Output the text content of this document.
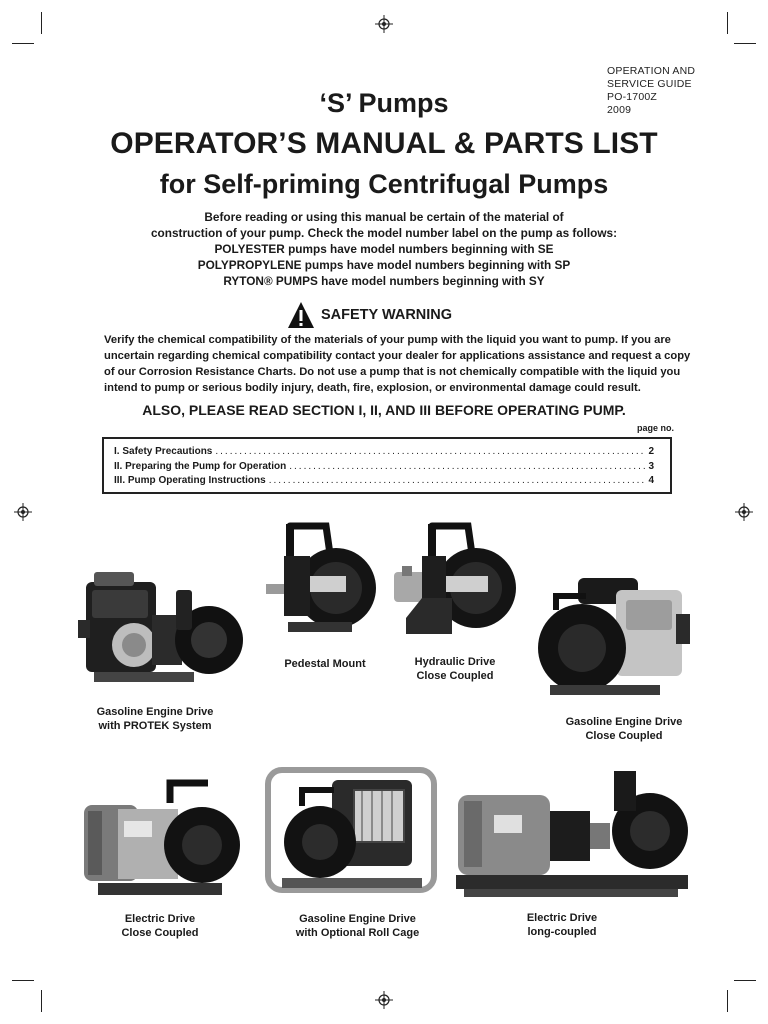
OPERATION AND
SERVICE GUIDE
PO-1700Z
2009
‘S’ Pumps
OPERATOR’S MANUAL & PARTS LIST
for Self-priming Centrifugal Pumps
Before reading or using this manual be certain of the material of
construction of your pump. Check the model number label on the pump as follows:
POLYESTER pumps have model numbers beginning with SE
POLYPROPYLENE pumps have model numbers beginning with SP
RYTON® PUMPS have model numbers beginning with SY
SAFETY WARNING
Verify the chemical compatibility of the materials of your pump with the liquid you want to pump. If you are
uncertain regarding chemical compatibility contact your dealer for applications assistance and request a copy
of our Corrosion Resistance Charts. Do not use a pump that is not chemically compatible with the liquid you
intend to pump or serious bodily injury, death, fire, explosion, or environmental damage could result.
ALSO, PLEASE READ SECTION I, II, AND III BEFORE OPERATING PUMP.
page no.
I. Safety Precautions .....	2
II. Preparing the Pump for Operation .....	3
III. Pump Operating Instructions .....	4
Gasoline Engine Drive
with PROTEK System
Pedestal Mount	Hydraulic Drive
Close Coupled
Gasoline Engine Drive
Close Coupled
Electric Drive
Close Coupled
Gasoline Engine Drive
with Optional Roll Cage
Electric Drive
long-coupled
